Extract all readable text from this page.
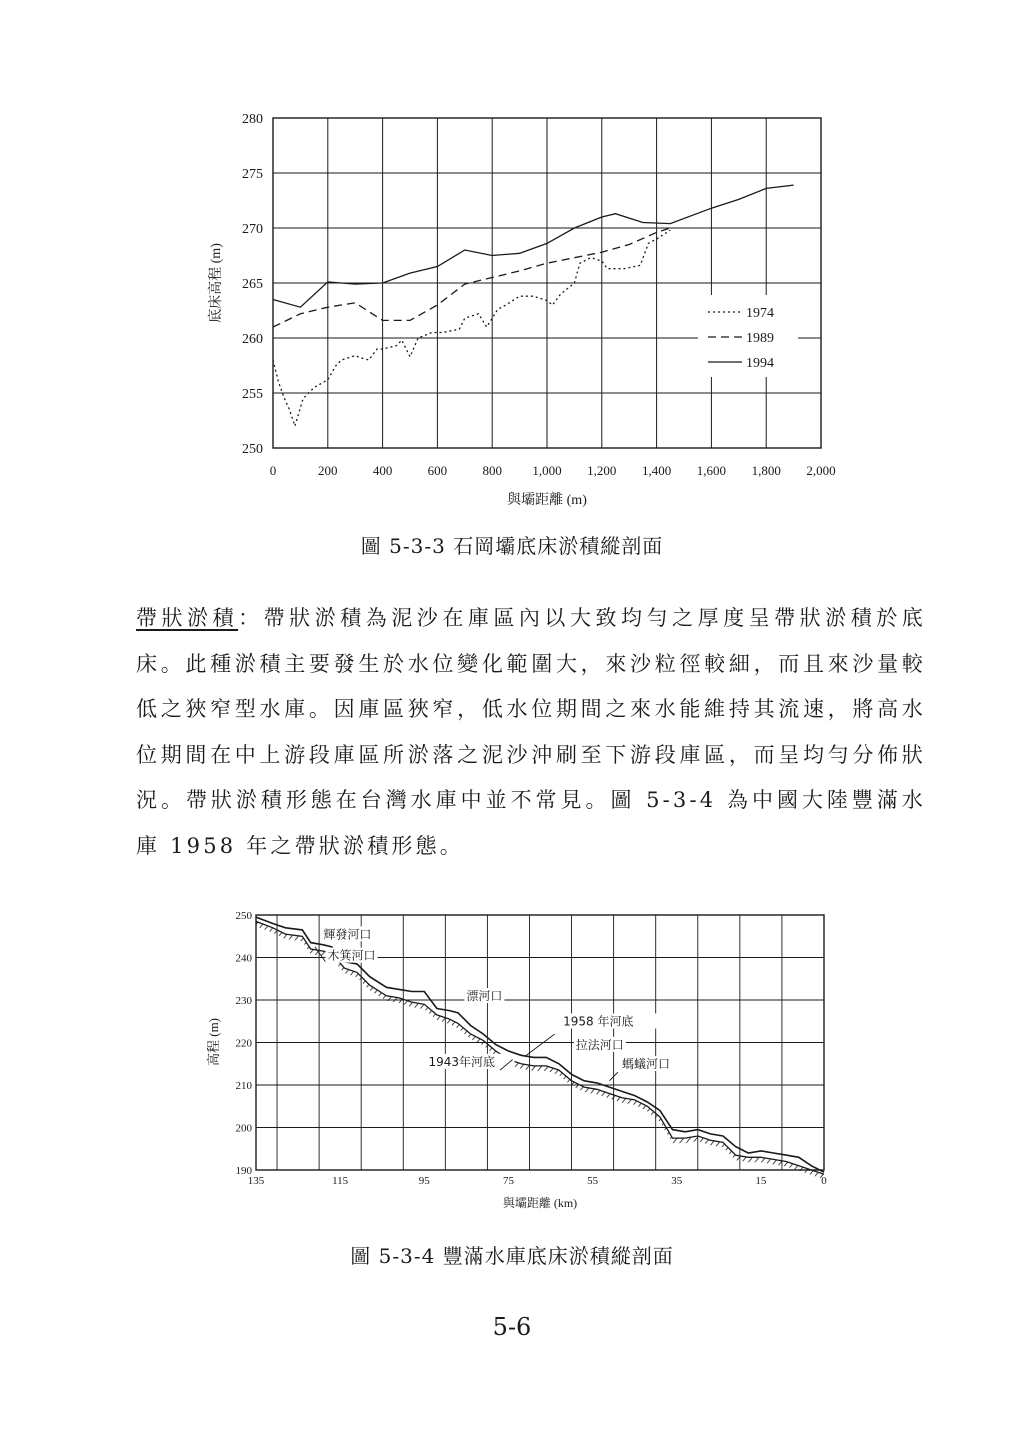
250
255
260
265
270
275
280
0	200	400	600	800 1,000 1,200 1,400 1,600 1,800 2,000
與壩距離 (m)
底床高程 (m)	1974
1989
1994
圖 5-3-3 石岡壩底床淤積縱剖面

帶狀淤積：帶狀淤積為泥沙在庫區內以大致均勻之厚度呈帶狀淤積於底床。此種淤積主要發生於水位變化範圍大，來沙粒徑較細，而且來沙量較低之狹窄型水庫。因庫區狹窄，低水位期間之來水能維持其流速，將高水位期間在中上游段庫區所淤落之泥沙沖刷至下游段庫區，而呈均勻分佈狀況。帶狀淤積形態在台灣水庫中並不常見。圖 5-3-4 為中國大陸豐滿水庫 1958 年之帶狀淤積形態。

190
200
210
220
230
240
250
135	115	95	75	55	35	15	0
與壩距離 (km)
高程 (m)
輝發河口
木箕河口
漂河口
1958 年河底
拉法河口
1943年河底	螞蟻河口
圖 5-3-4 豐滿水庫底床淤積縱剖面
5-6
